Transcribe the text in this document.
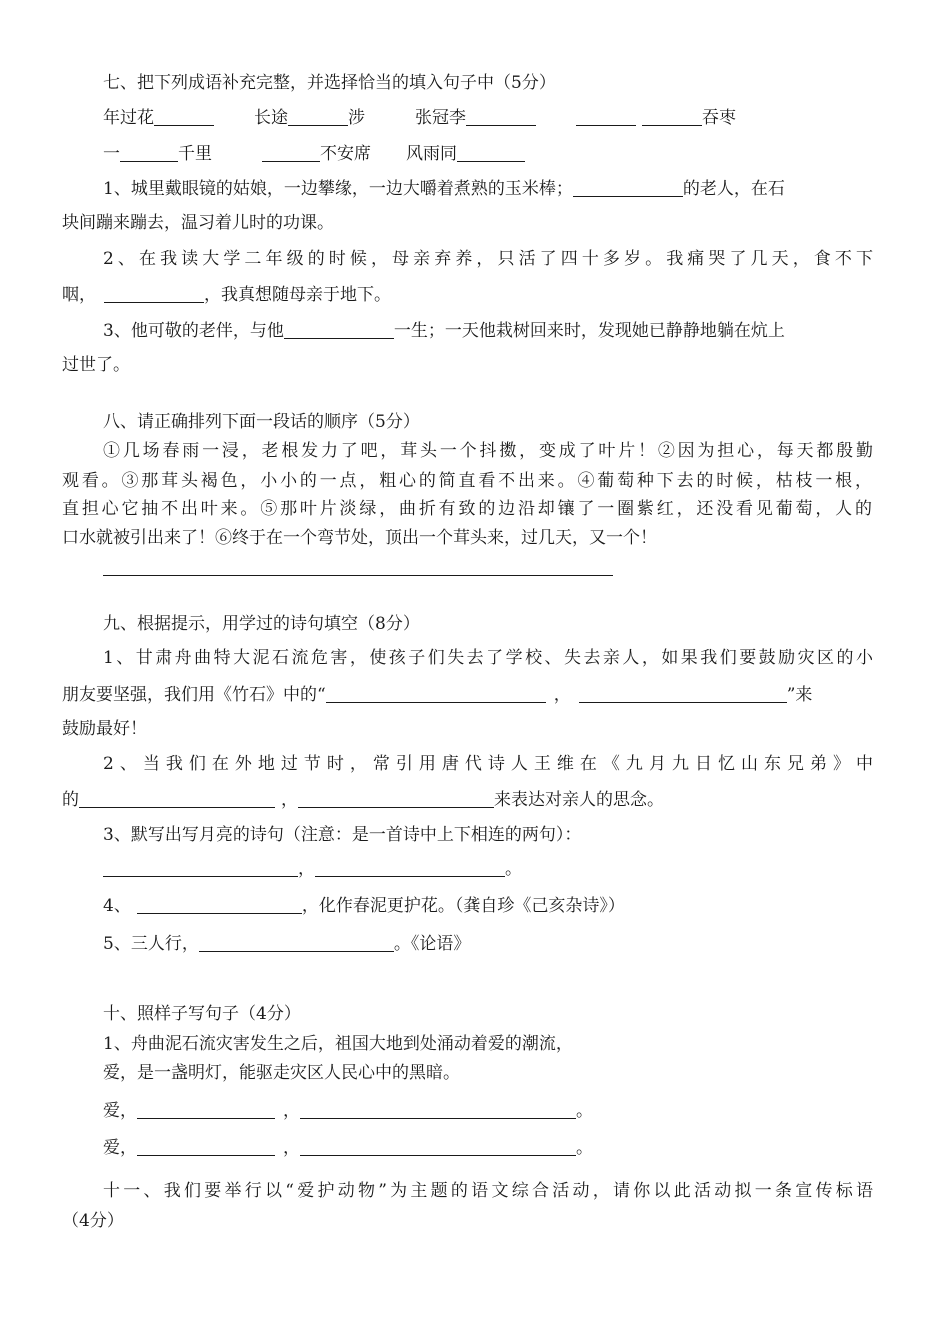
七、把下列成语补充完整，并选择恰当的填入句子中（5分）
年过花	长途	涉	张冠李	吞枣
一	千里	不安席 风雨同
1、城里戴眼镜的姑娘，一边攀缘，一边大嚼着煮熟的玉米棒；	的老人，在石
块间蹦来蹦去，温习着儿时的功课。
2、在我读大学二年级的时候，母亲弃养，只活了四十多岁。我痛哭了几天，食不下
咽，	，我真想随母亲于地下。
3、他可敬的老伴，与他	一生；一天他栽树回来时，发现她已静静地躺在炕上
过世了。
八、请正确排列下面一段话的顺序（5分）
①几场春雨一浸，老根发力了吧，茸头一个抖擞，变成了叶片！②因为担心，每天都殷勤
观看。③那茸头褐色，小小的一点，粗心的简直看不出来。④葡萄种下去的时候，枯枝一根，
直担心它抽不出叶来。⑤那叶片淡绿，曲折有致的边沿却镶了一圈紫红，还没看见葡萄，人的
口水就被引出来了！⑥终于在一个弯节处，顶出一个茸头来，过几天，又一个！
九、根据提示，用学过的诗句填空（8分）
1、甘肃舟曲特大泥石流危害，使孩子们失去了学校、失去亲人，如果我们要鼓励灾区的小
朋友要坚强，我们用《竹石》中的“	，	”来
鼓励最好！
2、当我们在外地过节时，常引用唐代诗人王维在《九月九日忆山东兄弟》中
的	，	来表达对亲人的思念。
3、默写出写月亮的诗句（注意：是一首诗中上下相连的两句）：
，	。
4、	，化作春泥更护花。（龚自珍《己亥杂诗》）
5、三人行，	。《论语》
十、照样子写句子（4分）
1、舟曲泥石流灾害发生之后，祖国大地到处涌动着爱的潮流，
爱，是一盏明灯，能驱走灾区人民心中的黑暗。
爱，	，	。
爱，	，	。
十一、我们要举行以“爱护动物”为主题的语文综合活动，请你以此活动拟一条宣传标语
（4分）
